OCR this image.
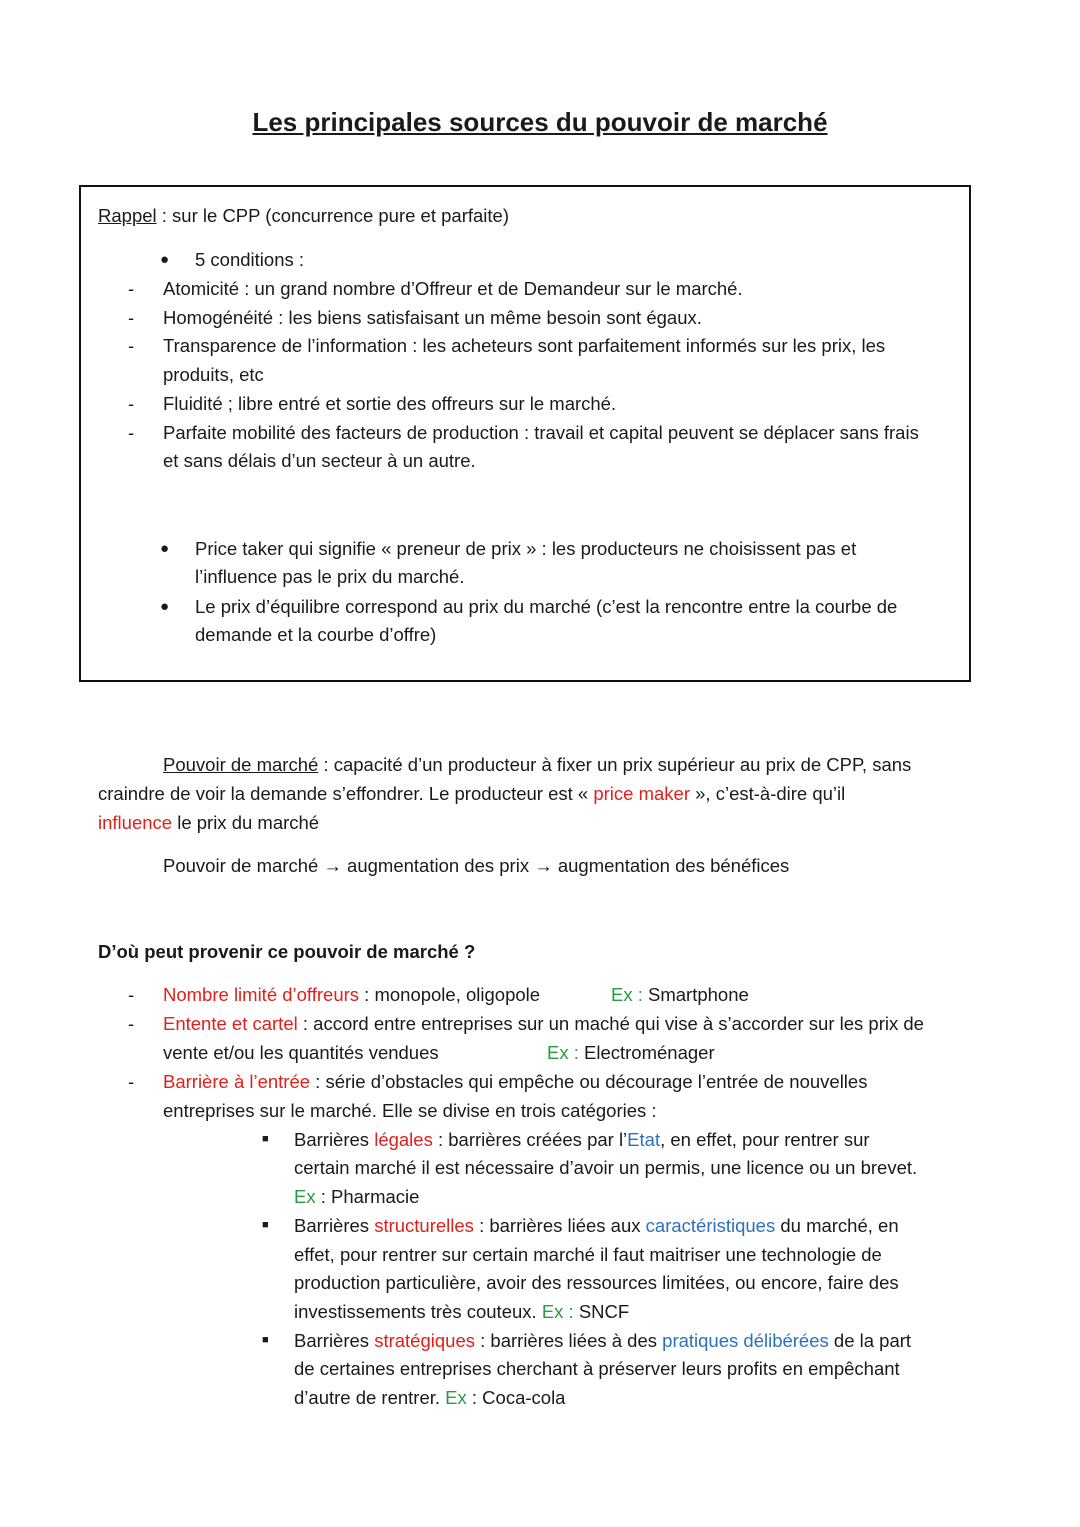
Les principales sources du pouvoir de marché
Rappel : sur le CPP (concurrence pure et parfaite)
● 5 conditions :
- Atomicité : un grand nombre d’Offreur et de Demandeur sur le marché.
- Homogénéité : les biens satisfaisant un même besoin sont égaux.
- Transparence de l’information : les acheteurs sont parfaitement informés sur les prix, les
produits, etc
- Fluidité ; libre entré et sortie des offreurs sur le marché.
- Parfaite mobilité des facteurs de production : travail et capital peuvent se déplacer sans frais
et sans délais d’un secteur à un autre.
● Price taker qui signifie « preneur de prix » : les producteurs ne choisissent pas et
l’influence pas le prix du marché.
● Le prix d’équilibre correspond au prix du marché (c’est la rencontre entre la courbe de
demande et la courbe d’offre)
Pouvoir de marché : capacité d’un producteur à fixer un prix supérieur au prix de CPP, sans
craindre de voir la demande s’effondrer. Le producteur est « price maker », c’est-à-dire qu’il
influence le prix du marché
Pouvoir de marché → augmentation des prix → augmentation des bénéfices
D’où peut provenir ce pouvoir de marché ?
- Nombre limité d’offreurs : monopole, oligopole	Ex : Smartphone
- Entente et cartel : accord entre entreprises sur un maché qui vise à s’accorder sur les prix de
vente et/ou les quantités vendues	Ex : Electroménager
- Barrière à l’entrée : série d’obstacles qui empêche ou décourage l’entrée de nouvelles
entreprises sur le marché. Elle se divise en trois catégories :
■ Barrières légales : barrières créées par l’Etat, en effet, pour rentrer sur
certain marché il est nécessaire d’avoir un permis, une licence ou un brevet.
Ex : Pharmacie
■ Barrières structurelles : barrières liées aux caractéristiques du marché, en
effet, pour rentrer sur certain marché il faut maitriser une technologie de
production particulière, avoir des ressources limitées, ou encore, faire des
investissements très couteux. Ex : SNCF
■ Barrières stratégiques : barrières liées à des pratiques délibérées de la part
de certaines entreprises cherchant à préserver leurs profits en empêchant
d’autre de rentrer. Ex : Coca-cola
